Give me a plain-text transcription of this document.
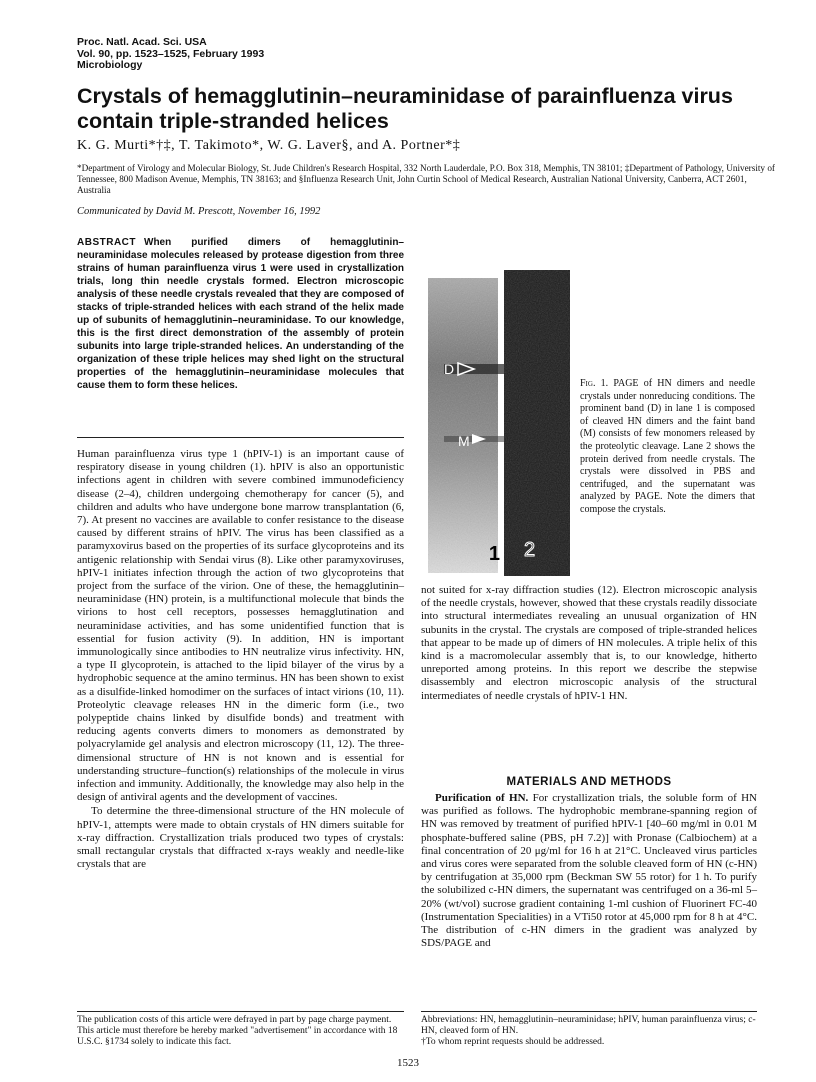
Proc. Natl. Acad. Sci. USA
Vol. 90, pp. 1523–1525, February 1993
Microbiology
Crystals of hemagglutinin–neuraminidase of parainfluenza virus contain triple-stranded helices
K. G. Murti*†‡, T. Takimoto*, W. G. Laver§, and A. Portner*‡
*Department of Virology and Molecular Biology, St. Jude Children's Research Hospital, 332 North Lauderdale, P.O. Box 318, Memphis, TN 38101; ‡Department of Pathology, University of Tennessee, 800 Madison Avenue, Memphis, TN 38163; and §Influenza Research Unit, John Curtin School of Medical Research, Australian National University, Canberra, ACT 2601, Australia
Communicated by David M. Prescott, November 16, 1992
ABSTRACT When purified dimers of hemagglutinin–neuraminidase molecules released by protease digestion from three strains of human parainfluenza virus 1 were used in crystallization trials, long thin needle crystals formed. Electron microscopic analysis of these needle crystals revealed that they are composed of stacks of triple-stranded helices with each strand of the helix made up of subunits of hemagglutinin–neuraminidase. To our knowledge, this is the first direct demonstration of the assembly of protein subunits into large triple-stranded helices. An understanding of the organization of these triple helices may shed light on the structural properties of the hemagglutinin–neuraminidase molecules that cause them to form these helices.

Human parainfluenza virus type 1 (hPIV-1) is an important cause of respiratory disease in young children (1). hPIV is also an opportunistic infections agent in children with severe combined immunodeficiency disease (2–4), children undergoing chemotherapy for cancer (5), and children and adults who have undergone bone marrow transplantation (6, 7). At present no vaccines are available to confer resistance to the disease caused by different strains of hPIV. The virus has been classified as a paramyxovirus based on the properties of its surface glycoproteins and its antigenic relationship with Sendai virus (8). Like other paramyxoviruses, hPIV-1 initiates infection through the action of two glycoproteins that project from the surface of the virion. One of these, the hemagglutinin–neuraminidase (HN) protein, is a multifunctional molecule that binds the virions to host cell receptors, possesses hemagglutination and neuraminidase activities, and has some unidentified function that is essential for fusion activity (9). In addition, HN is important immunologically since antibodies to HN neutralize virus infectivity. HN, a type II glycoprotein, is attached to the lipid bilayer of the virus by a hydrophobic sequence at the amino terminus. HN has been shown to exist as a disulfide-linked homodimer on the surfaces of intact virions (10, 11). Proteolytic cleavage releases HN in the dimeric form (i.e., two polypeptide chains linked by disulfide bonds) and treatment with reducing agents converts dimers to monomers as demonstrated by polyacrylamide gel analysis and electron microscopy (11, 12). The three-dimensional structure of HN is not known and is essential for understanding structure–function(s) relationships of the molecule in virus infection and immunity. Additionally, the knowledge may also help in the design of antiviral agents and the development of vaccines.

To determine the three-dimensional structure of the HN molecule of hPIV-1, attempts were made to obtain crystals of HN dimers suitable for x-ray diffraction. Crystallization trials produced two types of crystals: small rectangular crystals that diffracted x-rays weakly and needle-like crystals that are

D
M
1 2
Fig. 1. PAGE of HN dimers and needle crystals under nonreducing conditions. The prominent band (D) in lane 1 is composed of cleaved HN dimers and the faint band (M) consists of few monomers released by the proteolytic cleavage. Lane 2 shows the protein derived from needle crystals. The crystals were dissolved in PBS and centrifuged, and the supernatant was analyzed by PAGE. Note the dimers that compose the crystals.

not suited for x-ray diffraction studies (12). Electron microscopic analysis of the needle crystals, however, showed that these crystals readily dissociate into structural intermediates revealing an unusual organization of HN subunits in the crystal. The crystals are composed of triple-stranded helices that appear to be made up of dimers of HN molecules. A triple helix of this kind is a macromolecular assembly that is, to our knowledge, hitherto unreported among proteins. In this report we describe the stepwise disassembly and electron microscopic analysis of the structural intermediates of needle crystals of hPIV-1 HN.

MATERIALS AND METHODS
Purification of HN. For crystallization trials, the soluble form of HN was purified as follows. The hydrophobic membrane-spanning region of HN was removed by treatment of purified hPIV-1 [40–60 mg/ml in 0.01 M phosphate-buffered saline (PBS, pH 7.2)] with Pronase (Calbiochem) at a final concentration of 20 μg/ml for 16 h at 21°C. Uncleaved virus particles and virus cores were separated from the soluble cleaved form of HN (c-HN) by centrifugation at 35,000 rpm (Beckman SW 55 rotor) for 1 h. To purify the solubilized c-HN dimers, the supernatant was centrifuged on a 36-ml 5–20% (wt/vol) sucrose gradient containing 1-ml cushion of Fluorinert FC-40 (Instrumentation Specialities) in a VTi50 rotor at 45,000 rpm for 8 h at 4°C. The distribution of c-HN dimers in the gradient was analyzed by SDS/PAGE and
The publication costs of this article were defrayed in part by page charge payment. This article must therefore be hereby marked "advertisement" in accordance with 18 U.S.C. §1734 solely to indicate this fact.
Abbreviations: HN, hemagglutinin–neuraminidase; hPIV, human parainfluenza virus; c-HN, cleaved form of HN.
†To whom reprint requests should be addressed.
1523
